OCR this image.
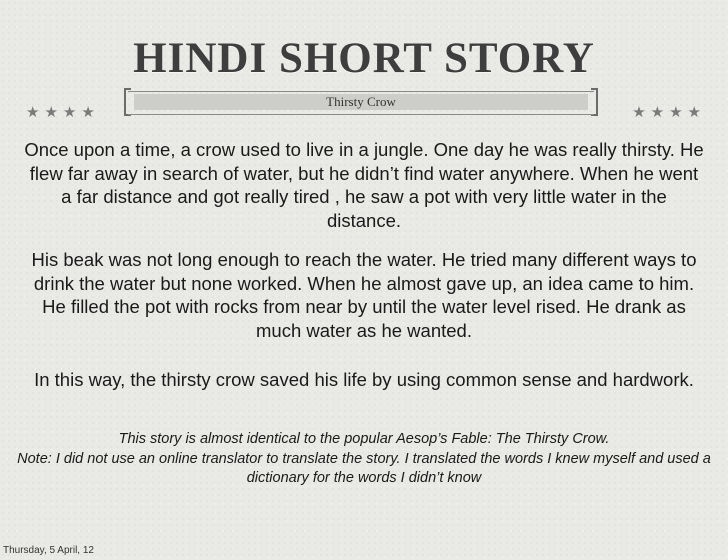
HINDI SHORT STORY
★★★★	★★★★
Thirsty Crow

Once upon a time, a crow used to live in a jungle. One day he was really thirsty. He flew far away in search of water, but he didn’t find water anywhere. When he went a far distance and got really tired , he saw a pot with very little water in the distance.

His beak was not long enough to reach the water. He tried many different ways to drink the water but none worked. When he almost gave up, an idea came to him. He filled the pot with rocks from near by until the water level rised. He drank as much water as he wanted.

In this way, the thirsty crow saved his life by using common sense and hardwork.

This story is almost identical to the popular Aesop’s Fable: The Thirsty Crow.
Note: I did not use an online translator to translate the story. I translated the words I knew myself and used a dictionary for the words I didn’t know
Thursday, 5 April, 12
